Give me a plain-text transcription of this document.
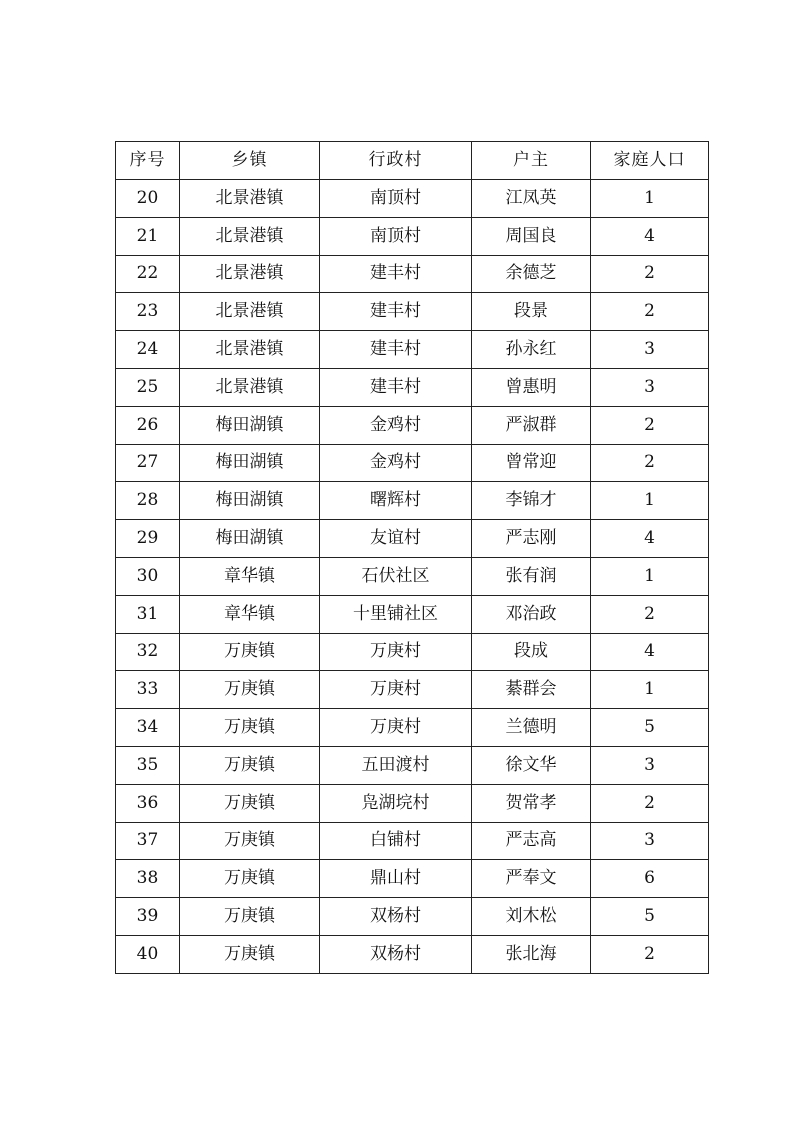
序号	乡镇	行政村	户主	家庭人口
20	北景港镇	南顶村	江凤英	1
21	北景港镇	南顶村	周国良	4
22	北景港镇	建丰村	余德芝	2
23	北景港镇	建丰村	段景	2
24	北景港镇	建丰村	孙永红	3
25	北景港镇	建丰村	曾惠明	3
26	梅田湖镇	金鸡村	严淑群	2
27	梅田湖镇	金鸡村	曾常迎	2
28	梅田湖镇	曙辉村	李锦才	1
29	梅田湖镇	友谊村	严志刚	4
30	章华镇	石伏社区	张有润	1
31	章华镇	十里铺社区	邓治政	2
32	万庚镇	万庚村	段成	4
33	万庚镇	万庚村	綦群会	1
34	万庚镇	万庚村	兰德明	5
35	万庚镇	五田渡村	徐文华	3
36	万庚镇	凫湖垸村	贺常孝	2
37	万庚镇	白铺村	严志高	3
38	万庚镇	鼎山村	严奉文	6
39	万庚镇	双杨村	刘木松	5
40	万庚镇	双杨村	张北海	2
